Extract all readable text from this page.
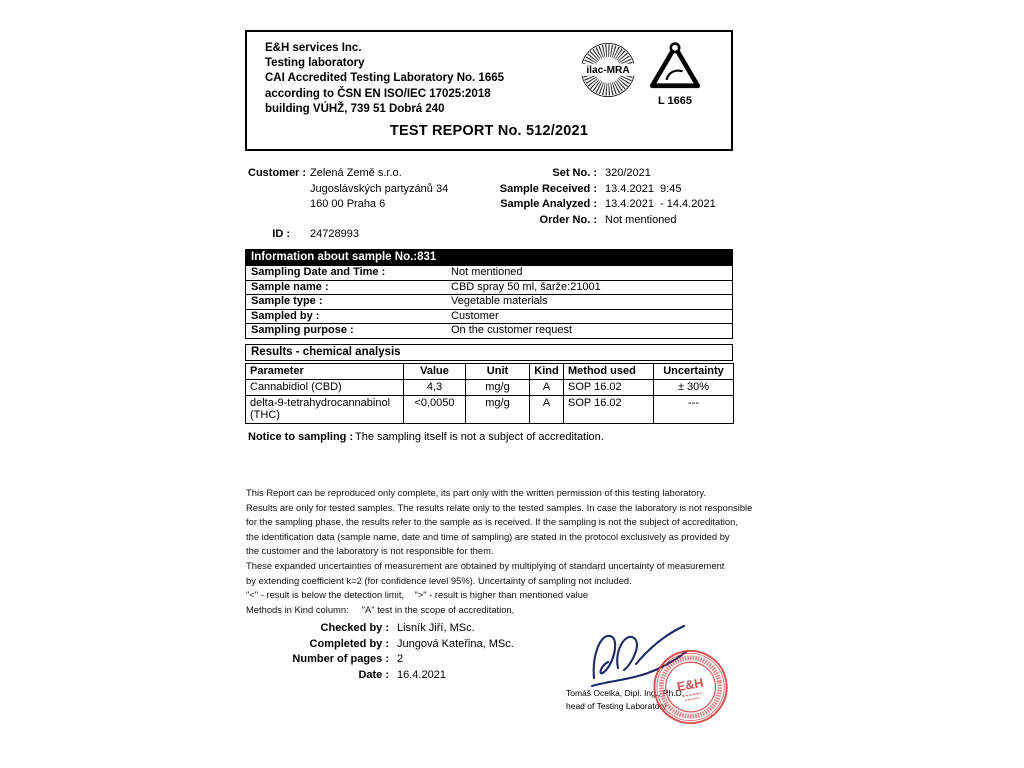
E&H services Inc.
Testing laboratory
CAI Accredited Testing Laboratory No. 1665
according to ČSN EN ISO/IEC 17025:2018
building VÚHŽ, 739 51 Dobrá 240
ilac-MRA
L 1665
TEST REPORT No. 512/2021
Customer : Zelená Země s.r.o.
Jugoslávských partyzánů 34
160 00 Praha 6
ID :	24728993
Set No. : 320/2021
Sample Received : 13.4.2021  9:45
Sample Analyzed : 13.4.2021  - 14.4.2021
Order No. : Not mentioned
Information about sample No.:831
Sampling Date and Time :	Not mentioned
Sample name :	CBD spray 50 ml, šarže:21001
Sample type :	Vegetable materials
Sampled by :	Customer
Sampling purpose :	On the customer request
Results - chemical analysis
Parameter	Value	Unit	Kind	Method used	Uncertainty
Cannabidiol (CBD)	4,3	mg/g	A	SOP 16.02	± 30%
delta-9-tetrahydrocannabinol (THC)	<0,0050	mg/g	A	SOP 16.02	---
Notice to sampling : The sampling itself is not a subject of accreditation.
This Report can be reproduced only complete, its part only with the written permission of this testing laboratory.
Results are only for tested samples. The results relate only to the tested samples. In case the laboratory is not responsible
for the sampling phase, the results refer to the sample as is received. If the sampling is not the subject of accreditation,
the identification data (sample name, date and time of sampling) are stated in the protocol exclusively as provided by
the customer and the laboratory is not responsible for them.
These expanded uncertainties of measurement are obtained by multiplying of standard uncertainty of measurement
by extending coefficient k=2 (for confidence level 95%). Uncertainty of sampling not included.
"<" - result is below the detection limit,    ">" - result is higher than mentioned value
Methods in Kind column:     "A" test in the scope of accreditation,
Checked by : Lisník Jiří, MSc.
Completed by : Jungová Kateřina, MSc.
Number of pages : 2
Date : 16.4.2021
Tomáš Ocelka, Dipl. Ing., Ph.D.
head of Testing Laboratory
E&H
